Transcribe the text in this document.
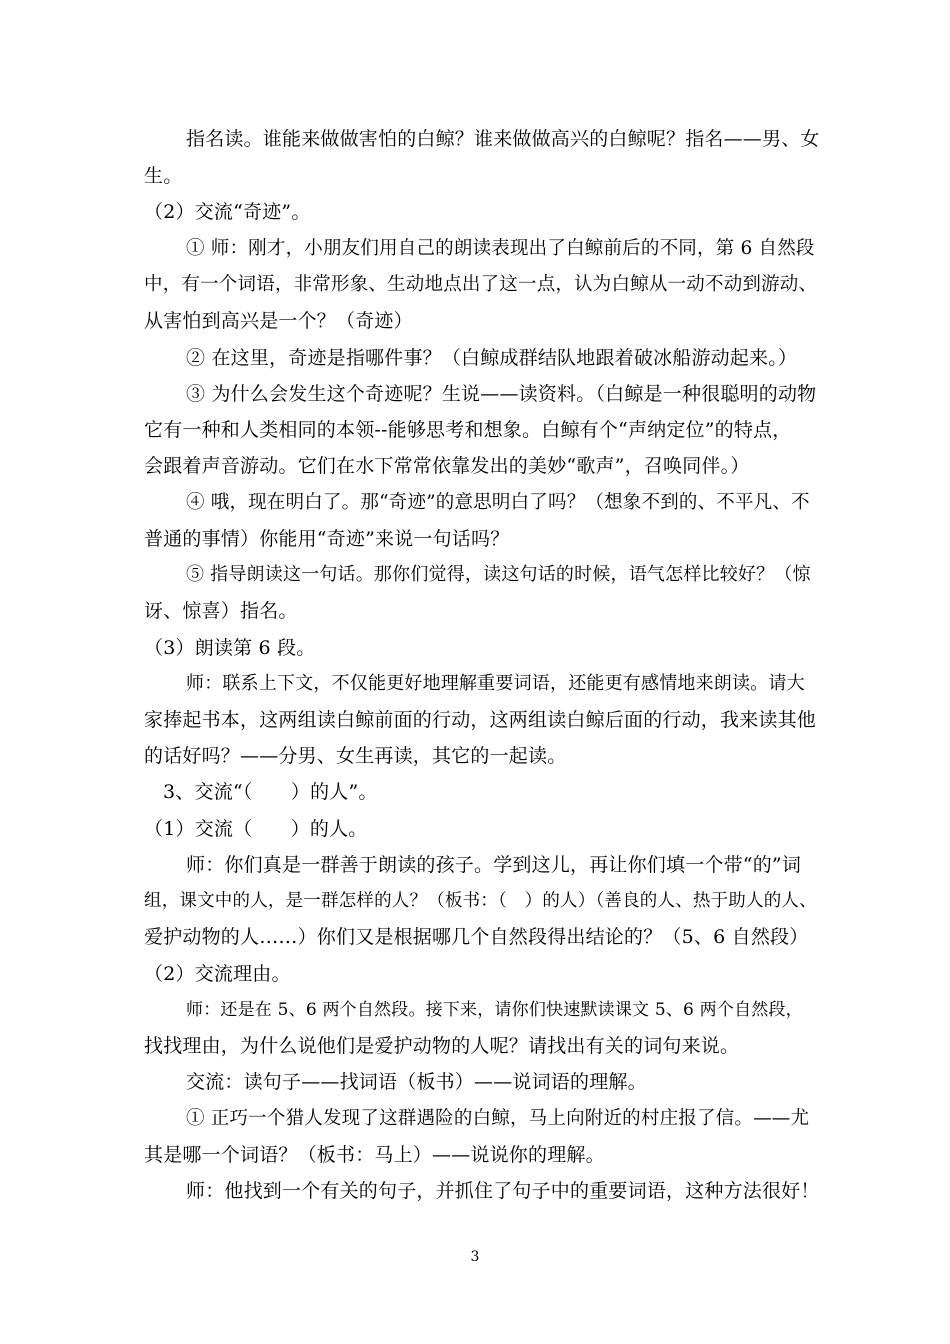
指名读。谁能来做做害怕的白鲸？谁来做做高兴的白鲸呢？指名——男、女
生。
（2）交流“奇迹”。
① 师：刚才，小朋友们用自己的朗读表现出了白鲸前后的不同，第 6 自然段
中，有一个词语，非常形象、生动地点出了这一点，认为白鲸从一动不动到游动、
从害怕到高兴是一个？（奇迹）
② 在这里，奇迹是指哪件事？（白鲸成群结队地跟着破冰船游动起来。）
③ 为什么会发生这个奇迹呢？生说——读资料。（白鲸是一种很聪明的动物
它有一种和人类相同的本领--能够思考和想象。白鲸有个“声纳定位”的特点，
会跟着声音游动。它们在水下常常依靠发出的美妙“歌声”，召唤同伴。）
④ 哦，现在明白了。那“奇迹”的意思明白了吗？（想象不到的、不平凡、不
普通的事情）你能用“奇迹”来说一句话吗？
⑤ 指导朗读这一句话。那你们觉得，读这句话的时候，语气怎样比较好？（惊
讶、惊喜）指名。
（3）朗读第 6 段。
师：联系上下文，不仅能更好地理解重要词语，还能更有感情地来朗读。请大
家捧起书本，这两组读白鲸前面的行动，这两组读白鲸后面的行动，我来读其他
的话好吗？——分男、女生再读，其它的一起读。
3、交流“（　　）的人”。
（1）交流（　　）的人。
师：你们真是一群善于朗读的孩子。学到这儿，再让你们填一个带“的”词
组，课文中的人，是一群怎样的人？（板书：（　）的人）（善良的人、热于助人的人、
爱护动物的人……）你们又是根据哪几个自然段得出结论的？（5、6 自然段）
（2）交流理由。
师：还是在 5、6 两个自然段。接下来，请你们快速默读课文 5、6 两个自然段，
找找理由，为什么说他们是爱护动物的人呢？请找出有关的词句来说。
交流：读句子——找词语（板书）——说词语的理解。
① 正巧一个猎人发现了这群遇险的白鲸，马上向附近的村庄报了信。——尤
其是哪一个词语？（板书：马上）——说说你的理解。
师：他找到一个有关的句子，并抓住了句子中的重要词语，这种方法很好！
3
